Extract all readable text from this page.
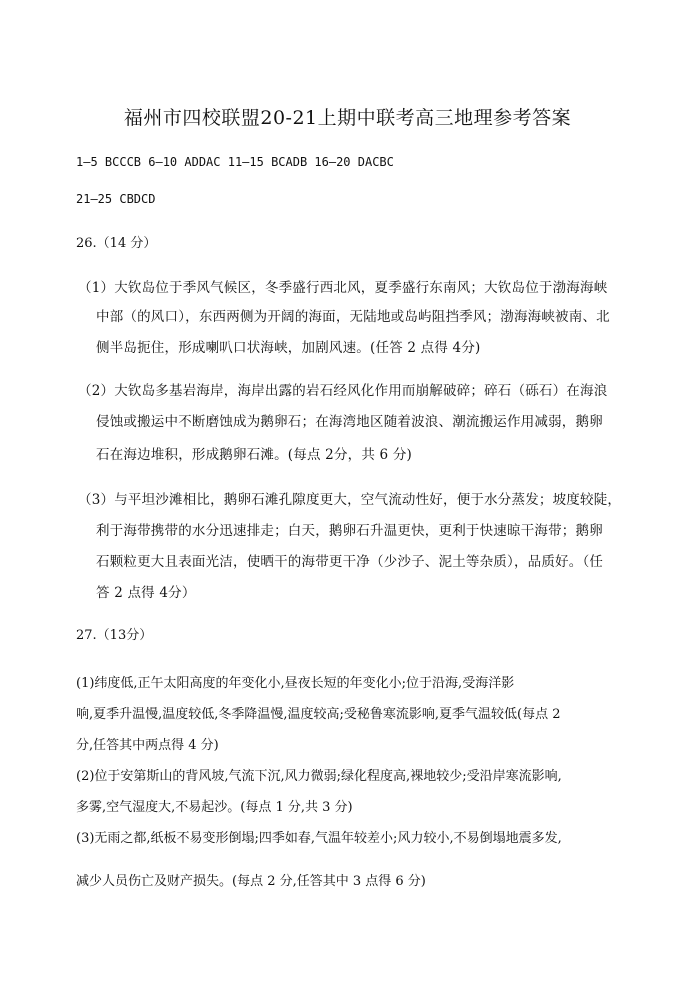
福州市四校联盟20-21上期中联考高三地理参考答案
1—5 BCCCB 6—10 ADDAC 11—15 BCADB 16—20 DACBC
21—25 CBDCD
26.（14 分）
（1）大钦岛位于季风气候区，冬季盛行西北风，夏季盛行东南风；大钦岛位于渤海海峡
中部（的风口），东西两侧为开阔的海面，无陆地或岛屿阻挡季风；渤海海峡被南、北
侧半岛扼住，形成喇叭口状海峡，加剧风速。(任答 2 点得 4分)
（2）大钦岛多基岩海岸，海岸出露的岩石经风化作用而崩解破碎；碎石（砾石）在海浪
侵蚀或搬运中不断磨蚀成为鹅卵石；在海湾地区随着波浪、潮流搬运作用减弱，鹅卵
石在海边堆积，形成鹅卵石滩。(每点 2分，共 6 分)
（3）与平坦沙滩相比，鹅卵石滩孔隙度更大，空气流动性好，便于水分蒸发；坡度较陡，
利于海带携带的水分迅速排走；白天，鹅卵石升温更快，更利于快速晾干海带；鹅卵
石颗粒更大且表面光洁，使晒干的海带更干净（少沙子、泥土等杂质），品质好。（任
答 2 点得 4分）
27.（13分）
(1)纬度低,正午太阳高度的年变化小,昼夜长短的年变化小;位于沿海,受海洋影
响,夏季升温慢,温度较低,冬季降温慢,温度较高;受秘鲁寒流影响,夏季气温较低(每点 2
分,任答其中两点得 4 分)
(2)位于安第斯山的背风坡,气流下沉,风力微弱;绿化程度高,裸地较少;受沿岸寒流影响,
多雾,空气湿度大,不易起沙。(每点 1 分,共 3 分)
(3)无雨之都,纸板不易变形倒塌;四季如春,气温年较差小;风力较小,不易倒塌地震多发,
减少人员伤亡及财产损失。(每点 2 分,任答其中 3 点得 6 分)
